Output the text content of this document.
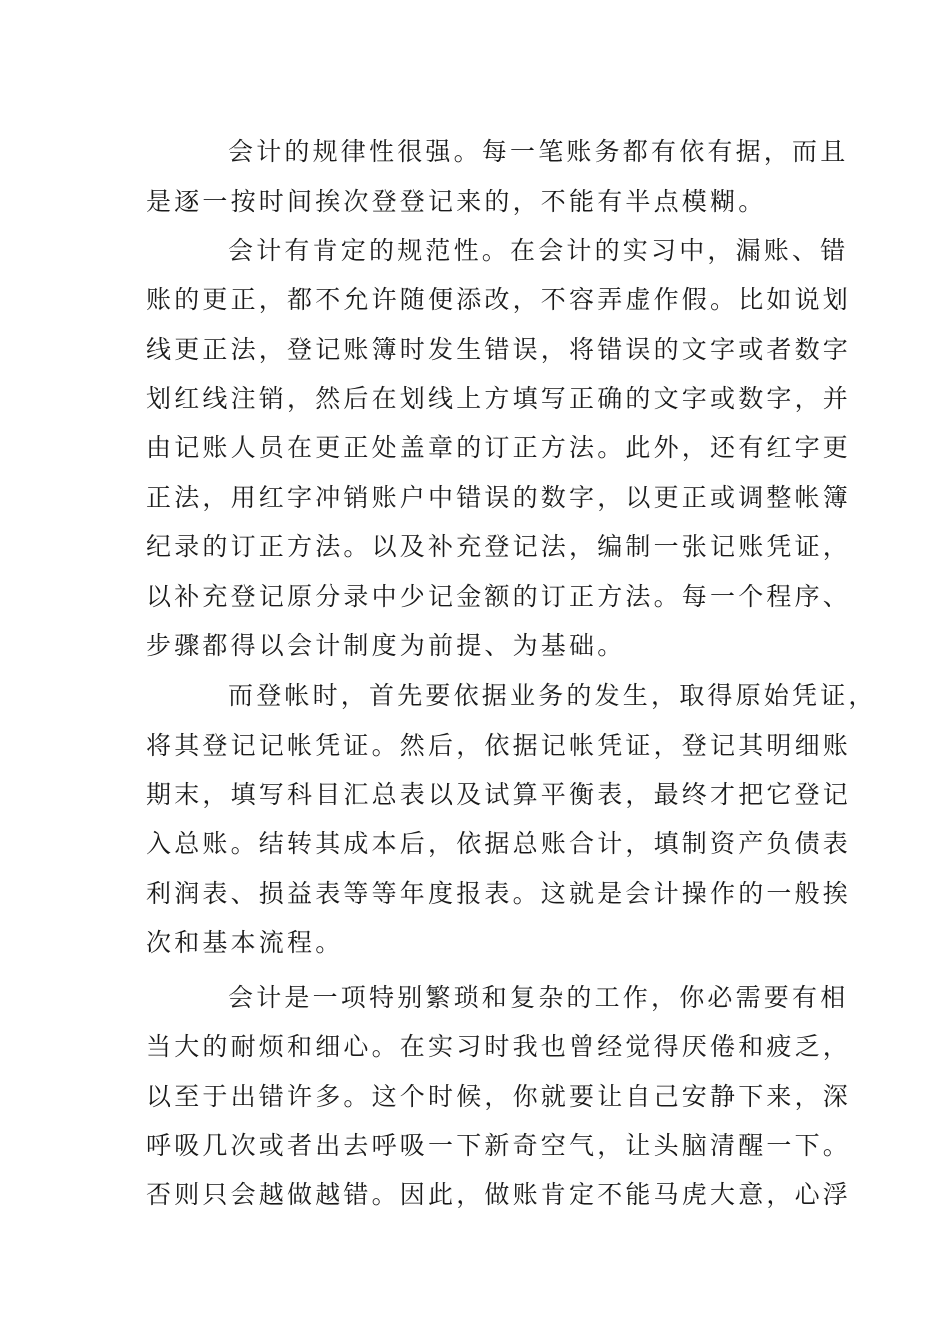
会计的规律性很强。每一笔账务都有依有据，而且
是逐一按时间挨次登登记来的，不能有半点模糊。
会计有肯定的规范性。在会计的实习中，漏账、错
账的更正，都不允许随便添改，不容弄虚作假。比如说划
线更正法，登记账簿时发生错误，将错误的文字或者数字
划红线注销，然后在划线上方填写正确的文字或数字，并
由记账人员在更正处盖章的订正方法。此外，还有红字更
正法，用红字冲销账户中错误的数字，以更正或调整帐簿
纪录的订正方法。以及补充登记法，编制一张记账凭证，
以补充登记原分录中少记金额的订正方法。每一个程序、
步骤都得以会计制度为前提、为基础。
而登帐时，首先要依据业务的发生，取得原始凭证，
将其登记记帐凭证。然后，依据记帐凭证，登记其明细账
期末，填写科目汇总表以及试算平衡表，最终才把它登记
入总账。结转其成本后，依据总账合计，填制资产负债表
利润表、损益表等等年度报表。这就是会计操作的一般挨
次和基本流程。
会计是一项特别繁琐和复杂的工作，你必需要有相
当大的耐烦和细心。在实习时我也曾经觉得厌倦和疲乏，
以至于出错许多。这个时候，你就要让自己安静下来，深
呼吸几次或者出去呼吸一下新奇空气，让头脑清醒一下。
否则只会越做越错。因此，做账肯定不能马虎大意，心浮
